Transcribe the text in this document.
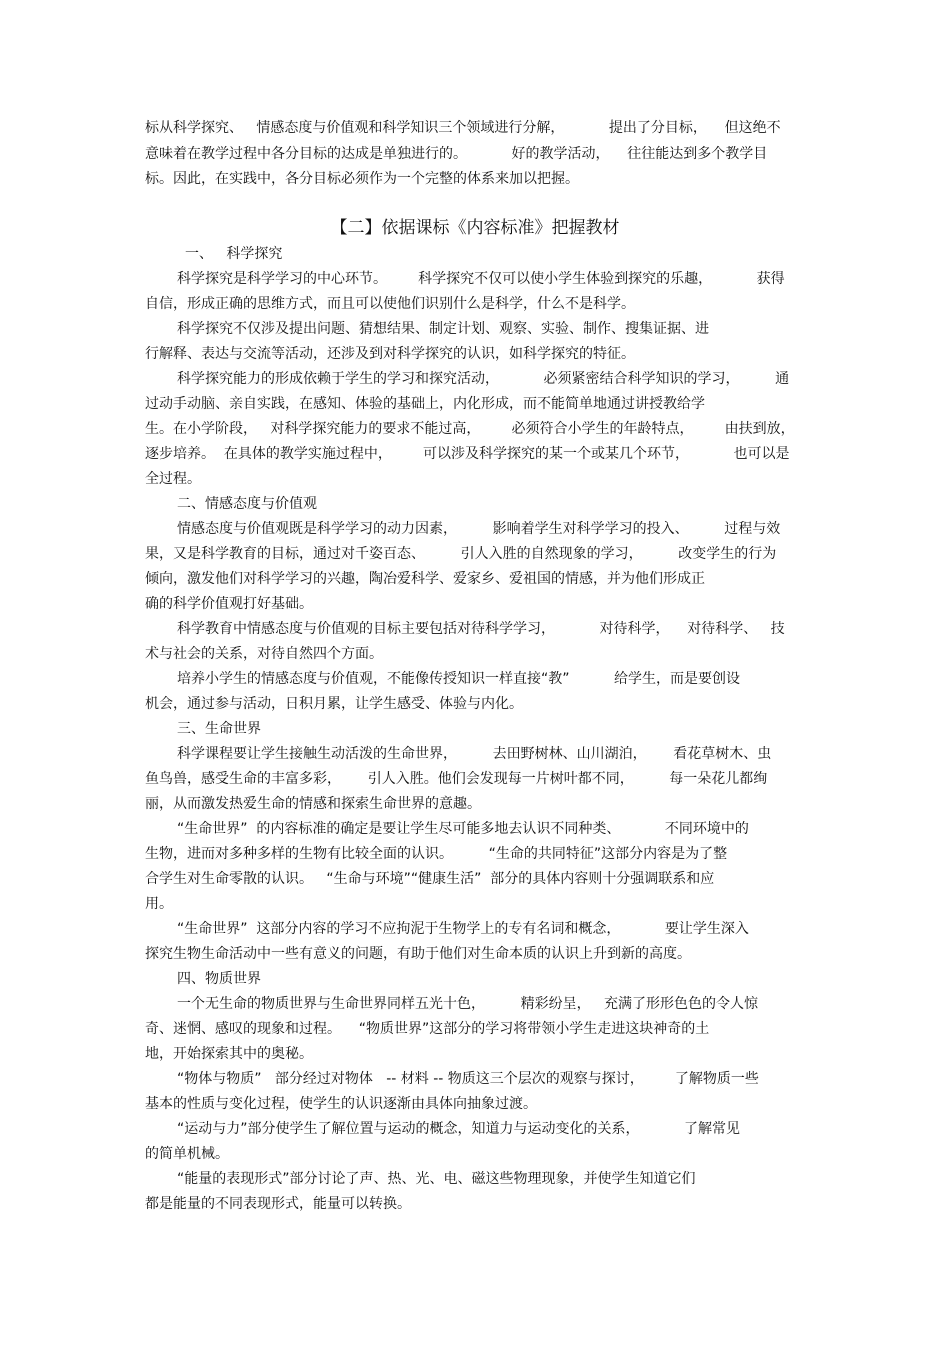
标从科学探究、   情感态度与价值观和科学知识三个领域进行分解，          提出了分目标，    但这绝不
意味着在教学过程中各分目标的达成是单独进行的。          好的教学活动，    往往能达到多个教学目
标。因此，在实践中，各分目标必须作为一个完整的体系来加以把握。
【二】依据课标《内容标准》把握教材
一、   科学探究
科学探究是科学学习的中心环节。       科学探究不仅可以使小学生体验到探究的乐趣，          获得
自信，形成正确的思维方式，而且可以使他们识别什么是科学，什么不是科学。
科学探究不仅涉及提出问题、猜想结果、制定计划、观察、实验、制作、搜集证据、进
行解释、表达与交流等活动，还涉及到对科学探究的认识，如科学探究的特征。
科学探究能力的形成依赖于学生的学习和探究活动，          必须紧密结合科学知识的学习，        通
过动手动脑、亲自实践，在感知、体验的基础上，内化形成，而不能简单地通过讲授教给学
生。在小学阶段，   对科学探究能力的要求不能过高，       必须符合小学生的年龄特点，       由扶到放，
逐步培养。  在具体的教学实施过程中，       可以涉及科学探究的某一个或某几个环节，          也可以是
全过程。
二、情感态度与价值观
情感态度与价值观既是科学学习的动力因素，        影响着学生对科学学习的投入、        过程与效
果，又是科学教育的目标，通过对千姿百态、        引人入胜的自然现象的学习，        改变学生的行为
倾向，激发他们对科学学习的兴趣，陶冶爱科学、爱家乡、爱祖国的情感，并为他们形成正
确的科学价值观打好基础。
科学教育中情感态度与价值观的目标主要包括对待科学学习，          对待科学，    对待科学、   技
术与社会的关系，对待自然四个方面。
培养小学生的情感态度与价值观，不能像传授知识一样直接“教”          给学生，而是要创设
机会，通过参与活动，日积月累，让学生感受、体验与内化。
三、生命世界
科学课程要让学生接触生动活泼的生命世界，        去田野树林、山川湖泊，      看花草树木、虫
鱼鸟兽，感受生命的丰富多彩，      引人入胜。他们会发现每一片树叶都不同，        每一朵花儿都绚
丽，从而激发热爱生命的情感和探索生命世界的意趣。
“生命世界”  的内容标准的确定是要让学生尽可能多地去认识不同种类、          不同环境中的
生物，进而对多种多样的生物有比较全面的认识。        “生命的共同特征”这部分内容是为了整
合学生对生命零散的认识。   “生命与环境”“健康生活”  部分的具体内容则十分强调联系和应
用。
“生命世界”  这部分内容的学习不应拘泥于生物学上的专有名词和概念，          要让学生深入
探究生物生命活动中一些有意义的问题，有助于他们对生命本质的认识上升到新的高度。
四、物质世界
一个无生命的物质世界与生命世界同样五光十色，        精彩纷呈，   充满了形形色色的令人惊
奇、迷惘、感叹的现象和过程。    “物质世界”这部分的学习将带领小学生走进这块神奇的土
地，开始探索其中的奥秘。
“物体与物质”   部分经过对物体   -- 材料 -- 物质这三个层次的观察与探讨，       了解物质一些
基本的性质与变化过程，使学生的认识逐渐由具体向抽象过渡。
“运动与力”部分使学生了解位置与运动的概念，知道力与运动变化的关系，          了解常见
的简单机械。
“能量的表现形式”部分讨论了声、热、光、电、磁这些物理现象，并使学生知道它们
都是能量的不同表现形式，能量可以转换。
